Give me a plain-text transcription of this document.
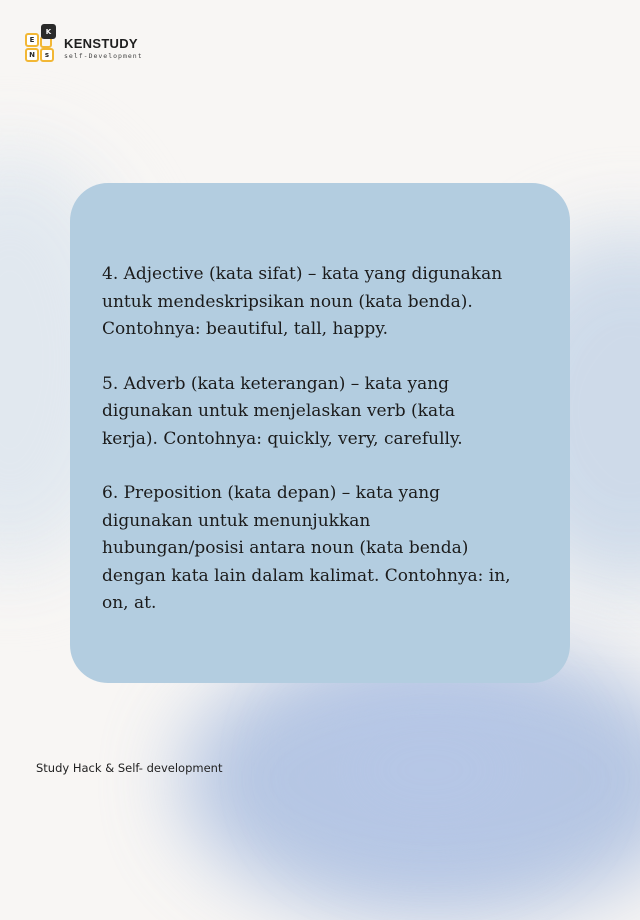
E
N	s
K
KENSTUDY
self-Development

4. Adjective (kata sifat) – kata yang digunakan
untuk mendeskripsikan noun (kata benda).
Contohnya: beautiful, tall, happy.

5. Adverb (kata keterangan) – kata yang
digunakan untuk menjelaskan verb (kata
kerja). Contohnya: quickly, very, carefully.

6. Preposition (kata depan) – kata yang
digunakan untuk menunjukkan
hubungan/posisi antara noun (kata benda)
dengan kata lain dalam kalimat. Contohnya: in,
on, at.

Study Hack & Self- development
